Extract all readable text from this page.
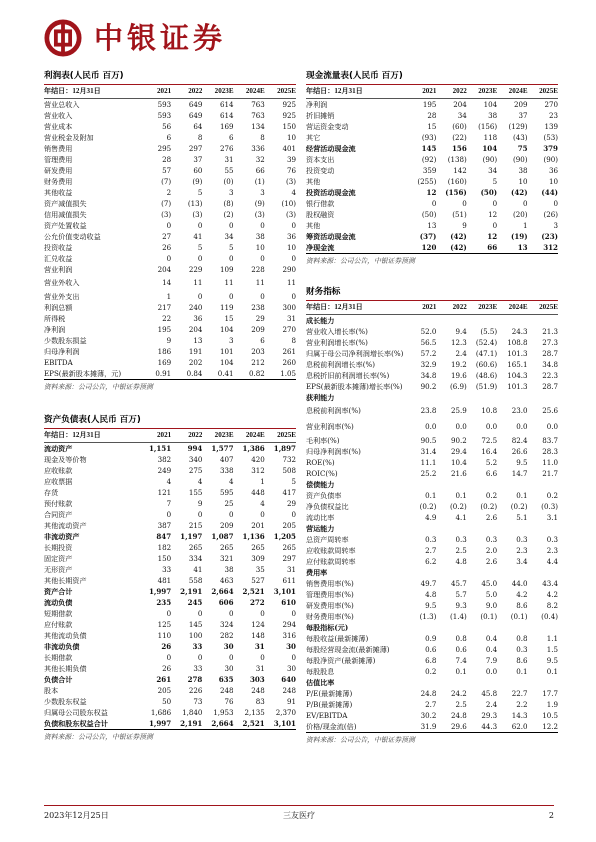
中银证券
利润表(人民币 百万)
年结日：12月31日	2021	2022	2023E	2024E	2025E
营业总收入	593	649	614	763	925
营业收入	593	649	614	763	925
营业成本	56	64	169	134	150
营业税金及附加	6	8	6	8	10
销售费用	295	297	276	336	401
管理费用	28	37	31	32	39
研发费用	57	60	55	66	76
财务费用	(7)	(9)	(0)	(1)	(3)
其他收益	2	5	3	3	4
资产减值损失	(7)	(13)	(8)	(9)	(10)
信用减值损失	(3)	(3)	(2)	(3)	(3)
资产处置收益	0	0	0	0	0
公允价值变动收益	27	41	34	38	36
投资收益	26	5	5	10	10
汇兑收益	0	0	0	0	0
营业利润	204	229	109	228	290
营业外收入	14	11	11	11	11
营业外支出	1	0	0	0	0
利润总额	217	240	119	238	300
所得税	22	36	15	29	31
净利润	195	204	104	209	270
少数股东损益	9	13	3	6	8
归母净利润	186	191	101	203	261
EBITDA	169	202	104	212	260
EPS(最新股本摊薄，元)	0.91	0.84	0.41	0.82	1.05
资料来源：公司公告，中银证券预测
资产负债表(人民币 百万)
年结日：12月31日	2021	2022	2023E	2024E	2025E
流动资产	1,151	994	1,577	1,386	1,897
现金及等价物	382	340	407	420	732
应收账款	249	275	338	312	508
应收票据	4	4	4	1	5
存货	121	155	595	448	417
预付账款	7	9	25	4	29
合同资产	0	0	0	0	0
其他流动资产	387	215	209	201	205
非流动资产	847	1,197	1,087	1,136	1,205
长期投资	182	265	265	265	265
固定资产	150	334	321	309	297
无形资产	33	41	38	35	31
其他长期资产	481	558	463	527	611
资产合计	1,997	2,191	2,664	2,521	3,101
流动负债	235	245	606	272	610
短期借款	0	0	0	0	0
应付账款	125	145	324	124	294
其他流动负债	110	100	282	148	316
非流动负债	26	33	30	31	30
长期借款	0	0	0	0	0
其他长期负债	26	33	30	31	30
负债合计	261	278	635	303	640
股本	205	226	248	248	248
少数股东权益	50	73	76	83	91
归属母公司股东权益	1,686	1,840	1,953	2,135	2,370
负债和股东权益合计	1,997	2,191	2,664	2,521	3,101
资料来源：公司公告，中银证券预测
现金流量表(人民币 百万)
年结日：12月31日	2021	2022	2023E	2024E	2025E
净利润	195	204	104	209	270
折旧摊销	28	34	38	37	23
营运资金变动	15	(60)	(156)	(129)	139
其它	(93)	(22)	118	(43)	(53)
经营活动现金流	145	156	104	75	379
资本支出	(92)	(138)	(90)	(90)	(90)
投资变动	359	142	34	38	36
其他	(255)	(160)	5	10	10
投资活动现金流	12	(156)	(50)	(42)	(44)
银行借款	0	0	0	0	0
股权融资	(50)	(51)	12	(20)	(26)
其他	13	9	0	1	3
筹资活动现金流	(37)	(42)	12	(19)	(23)
净现金流	120	(42)	66	13	312
资料来源：公司公告，中银证券预测
财务指标
年结日：12月31日	2021	2022	2023E	2024E	2025E
成长能力					
营业收入增长率(%)	52.0	9.4	(5.5)	24.3	21.3
营业利润增长率(%)	56.5	12.3	(52.4)	108.8	27.3
归属于母公司净利润增长率(%)	57.2	2.4	(47.1)	101.3	28.7
息税前利润增长率(%)	32.9	19.2	(60.6)	165.1	34.8
息税折旧前利润增长率(%)	34.8	19.6	(48.6)	104.3	22.3
EPS(最新股本摊薄)增长率(%)	90.2	(6.9)	(51.9)	101.3	28.7
获利能力					
息税前利润率(%)	23.8	25.9	10.8	23.0	25.6
营业利润率(%)	0.0	0.0	0.0	0.0	0.0
毛利率(%)	90.5	90.2	72.5	82.4	83.7
归母净利润率(%)	31.4	29.4	16.4	26.6	28.3
ROE(%)	11.1	10.4	5.2	9.5	11.0
ROIC(%)	25.2	21.6	6.6	14.7	21.7
偿债能力					
资产负债率	0.1	0.1	0.2	0.1	0.2
净负债权益比	(0.2)	(0.2)	(0.2)	(0.2)	(0.3)
流动比率	4.9	4.1	2.6	5.1	3.1
营运能力					
总资产周转率	0.3	0.3	0.3	0.3	0.3
应收账款周转率	2.7	2.5	2.0	2.3	2.3
应付账款周转率	6.2	4.8	2.6	3.4	4.4
费用率					
销售费用率(%)	49.7	45.7	45.0	44.0	43.4
管理费用率(%)	4.8	5.7	5.0	4.2	4.2
研发费用率(%)	9.5	9.3	9.0	8.6	8.2
财务费用率(%)	(1.3)	(1.4)	(0.1)	(0.1)	(0.4)
每股指标(元)					
每股收益(最新摊薄)	0.9	0.8	0.4	0.8	1.1
每股经营现金流(最新摊薄)	0.6	0.6	0.4	0.3	1.5
每股净资产(最新摊薄)	6.8	7.4	7.9	8.6	9.5
每股股息	0.2	0.1	0.0	0.1	0.1
估值比率					
P/E(最新摊薄)	24.8	24.2	45.8	22.7	17.7
P/B(最新摊薄)	2.7	2.5	2.4	2.2	1.9
EV/EBITDA	30.2	24.8	29.3	14.3	10.5
价格/现金流(倍)	31.9	29.6	44.3	62.0	12.2
资料来源：公司公告，中银证券预测
2023年12月25日	三友医疗	2
